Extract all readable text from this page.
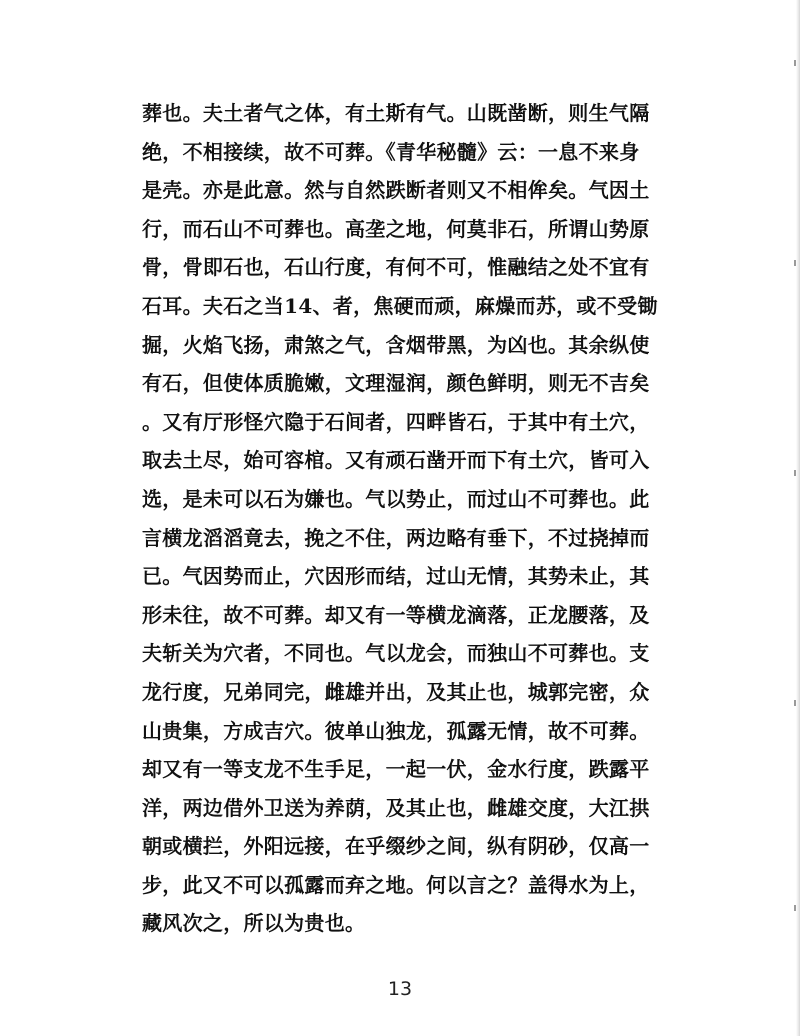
葬也。夫土者气之体，有土斯有气。山既凿断，则生气隔
绝，不相接续，故不可葬。《青华秘髓》云：一息不来身
是壳。亦是此意。然与自然跌断者则又不相侔矣。气因土
行，而石山不可葬也。高垄之地，何莫非石，所谓山势原
骨，骨即石也，石山行度，有何不可，惟融结之处不宜有
石耳。夫石之当14、者，焦硬而顽，麻燥而苏，或不受锄
掘，火焰飞扬，肃煞之气，含烟带黑，为凶也。其余纵使
有石，但使体质脆嫩，文理湿润，颜色鲜明，则无不吉矣
。又有厅形怪穴隐于石间者，四畔皆石，于其中有土穴，
取去土尽，始可容棺。又有顽石凿开而下有土穴，皆可入
选，是未可以石为嫌也。气以势止，而过山不可葬也。此
言横龙滔滔竟去，挽之不住，两边略有垂下，不过挠掉而
已。气因势而止，穴因形而结，过山无情，其势未止，其
形未往，故不可葬。却又有一等横龙滴落，正龙腰落，及
夫斩关为穴者，不同也。气以龙会，而独山不可葬也。支
龙行度，兄弟同完，雌雄并出，及其止也，城郭完密，众
山贵集，方成吉穴。彼单山独龙，孤露无情，故不可葬。
却又有一等支龙不生手足，一起一伏，金水行度，跌露平
洋，两边借外卫送为养荫，及其止也，雌雄交度，大江拱
朝或横拦，外阳远接，在乎缀纱之间，纵有阴砂，仅高一
步，此又不可以孤露而弃之地。何以言之？盖得水为上，
藏风次之，所以为贵也。
13
